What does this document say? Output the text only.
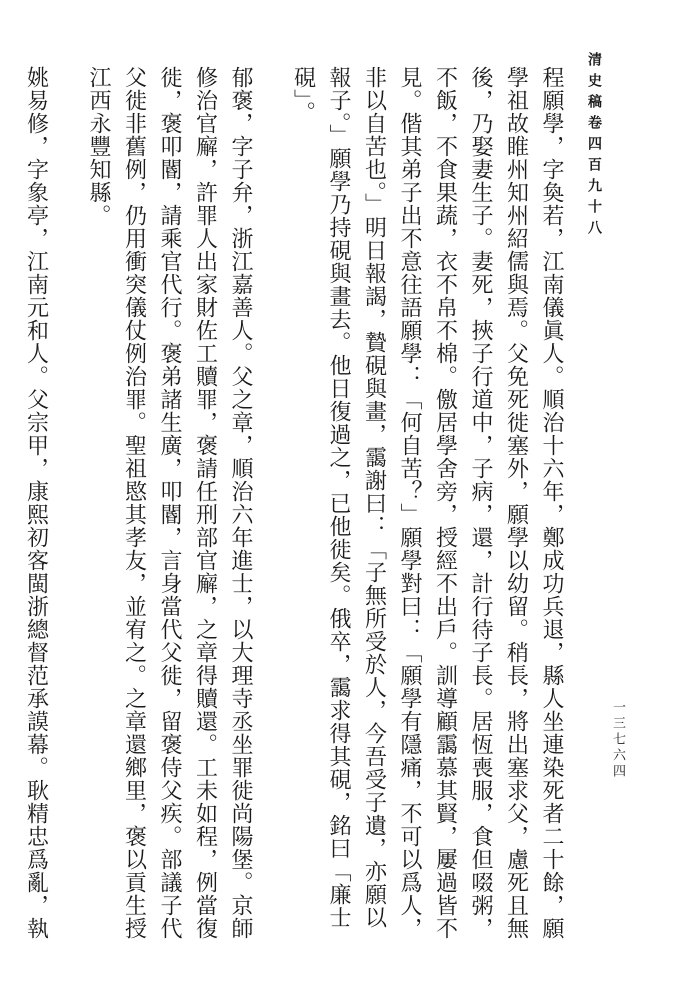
清史稿卷四百九十八
一三七六四

程願學，字奐若，江南儀眞人。順治十六年，鄭成功兵退，縣人坐連染死者二十餘，願學祖故睢州知州紹儒與焉。父免死徙塞外，願學以幼留。稍長，將出塞求父，慮死且無後，乃娶妻生子。妻死，挾子行道中，子病，還，計行待子長。居恆喪服，食但啜粥，不飯，不食果蔬，衣不帛不棉。儌居學舍旁，授經不出戶。訓導顧靄慕其賢，屢過皆不見。偕其弟子出不意往語願學：「何自苦？」願學對曰：「願學有隱痛，不可以爲人，非以自苦也。」明日報謁，贄硯與畫，靄謝曰：「子無所受於人，今吾受子遺，亦願以報子。」願學乃持硯與畫去。他日復過之，已他徙矣。俄卒，靄求得其硯，銘曰「廉士硯」。

郁褒，字子弁，浙江嘉善人。父之章，順治六年進士，以大理寺丞坐罪徙尚陽堡。京師修治官廨，許罪人出家財佐工贖罪，褒請任刑部官廨，之章得贖還。工未如程，例當復徙，褒叩閽，請乘官代行。褒弟諸生廣，叩閽，言身當代父徙，留褒侍父疾。部議子代父徙非舊例，仍用衝突儀仗例治罪。聖祖愍其孝友，並宥之。之章還鄉里，褒以貢生授江西永豐知縣。

姚易修，字象亭，江南元和人。父宗甲，康熙初客閩浙總督范承謨幕。耿精忠爲亂，執
